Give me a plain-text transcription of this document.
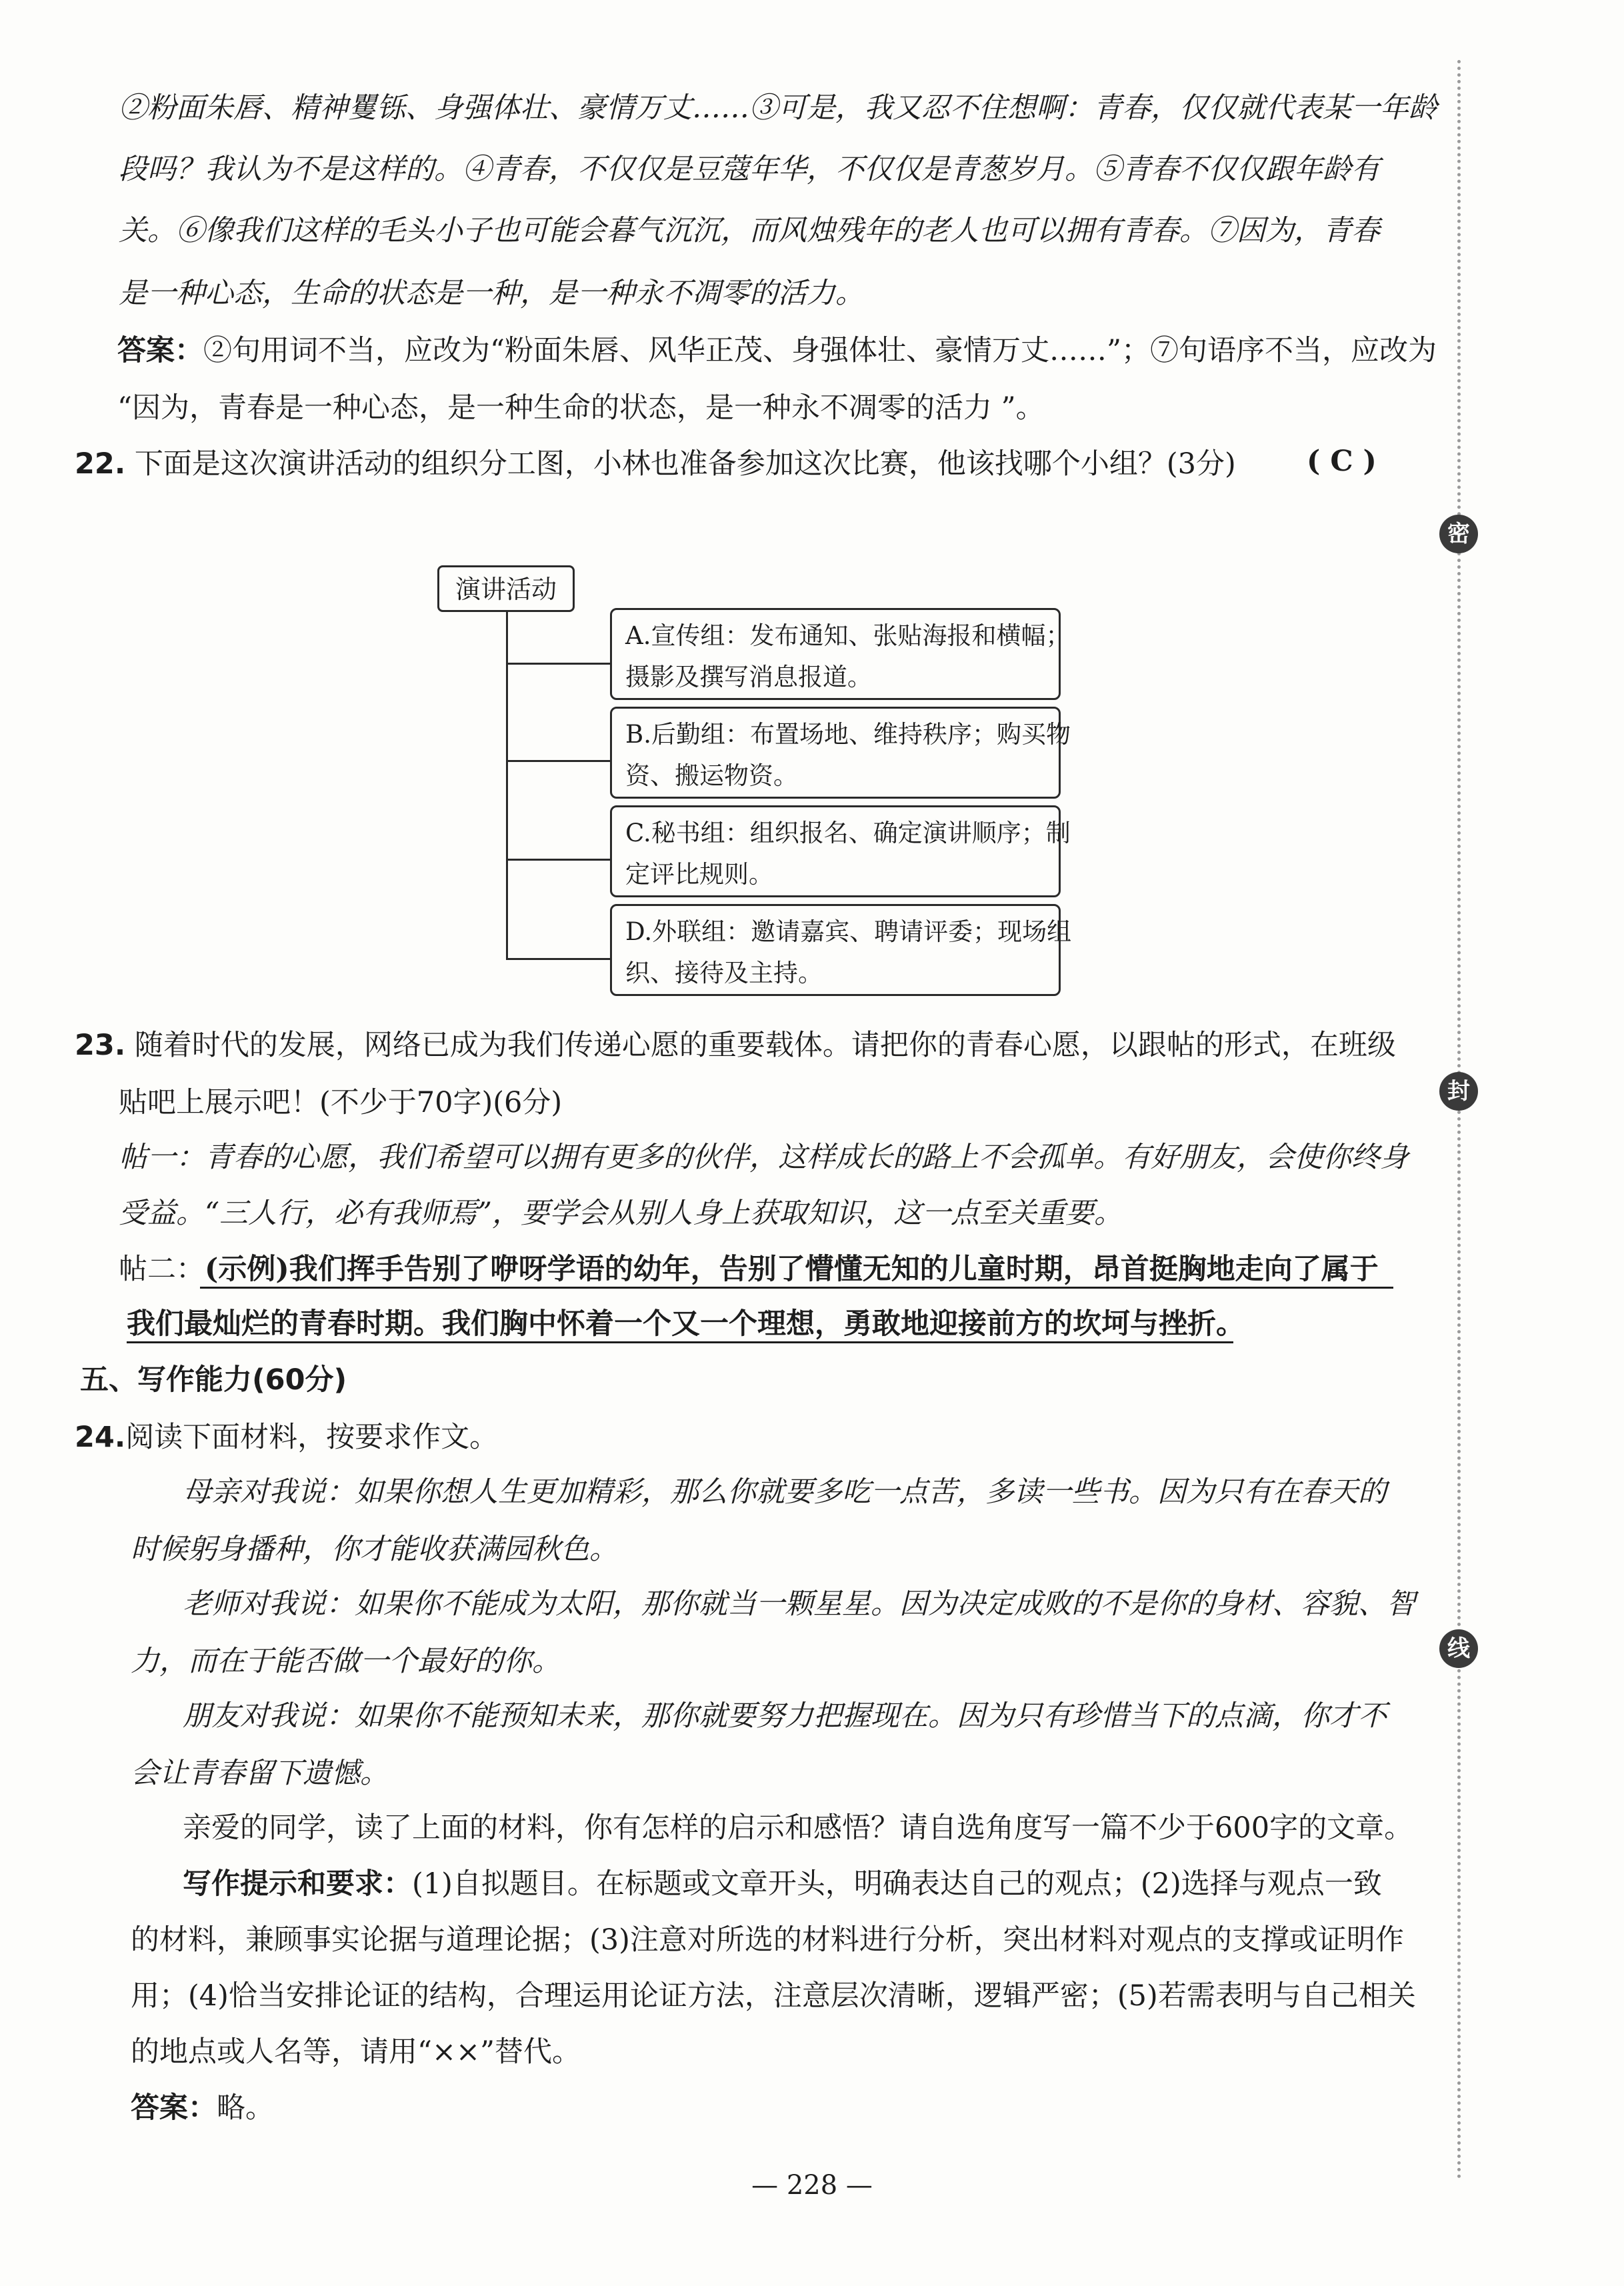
②粉面朱唇、精神矍铄、身强体壮、豪情万丈……③可是，我又忍不住想啊：青春，仅仅就代表某一年龄
段吗？我认为不是这样的。④青春，不仅仅是豆蔻年华，不仅仅是青葱岁月。⑤青春不仅仅跟年龄有
关。⑥像我们这样的毛头小子也可能会暮气沉沉，而风烛残年的老人也可以拥有青春。⑦因为，青春
是一种心态，生命的状态是一种，是一种永不凋零的活力。
答案：②句用词不当，应改为“粉面朱唇、风华正茂、身强体壮、豪情万丈……”；⑦句语序不当，应改为
“因为，青春是一种心态，是一种生命的状态，是一种永不凋零的活力 ”。
22. 下面是这次演讲活动的组织分工图，小林也准备参加这次比赛，他该找哪个小组？(3分) ( C )
演讲活动
A.宣传组：发布通知、张贴海报和横幅；
摄影及撰写消息报道。
B.后勤组：布置场地、维持秩序；购买物
资、搬运物资。
C.秘书组：组织报名、确定演讲顺序；制
定评比规则。
D.外联组：邀请嘉宾、聘请评委；现场组
织、接待及主持。
23. 随着时代的发展，网络已成为我们传递心愿的重要载体。请把你的青春心愿，以跟帖的形式，在班级
贴吧上展示吧！(不少于70字)(6分)
帖一：青春的心愿，我们希望可以拥有更多的伙伴，这样成长的路上不会孤单。有好朋友，会使你终身
受益。“三人行，必有我师焉”，要学会从别人身上获取知识，这一点至关重要。
帖二：(示例)我们挥手告别了咿呀学语的幼年，告别了懵懂无知的儿童时期，昂首挺胸地走向了属于
我们最灿烂的青春时期。我们胸中怀着一个又一个理想，勇敢地迎接前方的坎坷与挫折。
五、写作能力(60分)
24.阅读下面材料，按要求作文。
母亲对我说：如果你想人生更加精彩，那么你就要多吃一点苦，多读一些书。因为只有在春天的
时候躬身播种，你才能收获满园秋色。
老师对我说：如果你不能成为太阳，那你就当一颗星星。因为决定成败的不是你的身材、容貌、智
力，而在于能否做一个最好的你。
朋友对我说：如果你不能预知未来，那你就要努力把握现在。因为只有珍惜当下的点滴，你才不
会让青春留下遗憾。
亲爱的同学，读了上面的材料，你有怎样的启示和感悟？请自选角度写一篇不少于600字的文章。
写作提示和要求：(1)自拟题目。在标题或文章开头，明确表达自己的观点；(2)选择与观点一致
的材料，兼顾事实论据与道理论据；(3)注意对所选的材料进行分析，突出材料对观点的支撑或证明作
用；(4)恰当安排论证的结构，合理运用论证方法，注意层次清晰，逻辑严密；(5)若需表明与自己相关
的地点或人名等，请用“××”替代。
答案：略。
密
封
线
— 228 —
